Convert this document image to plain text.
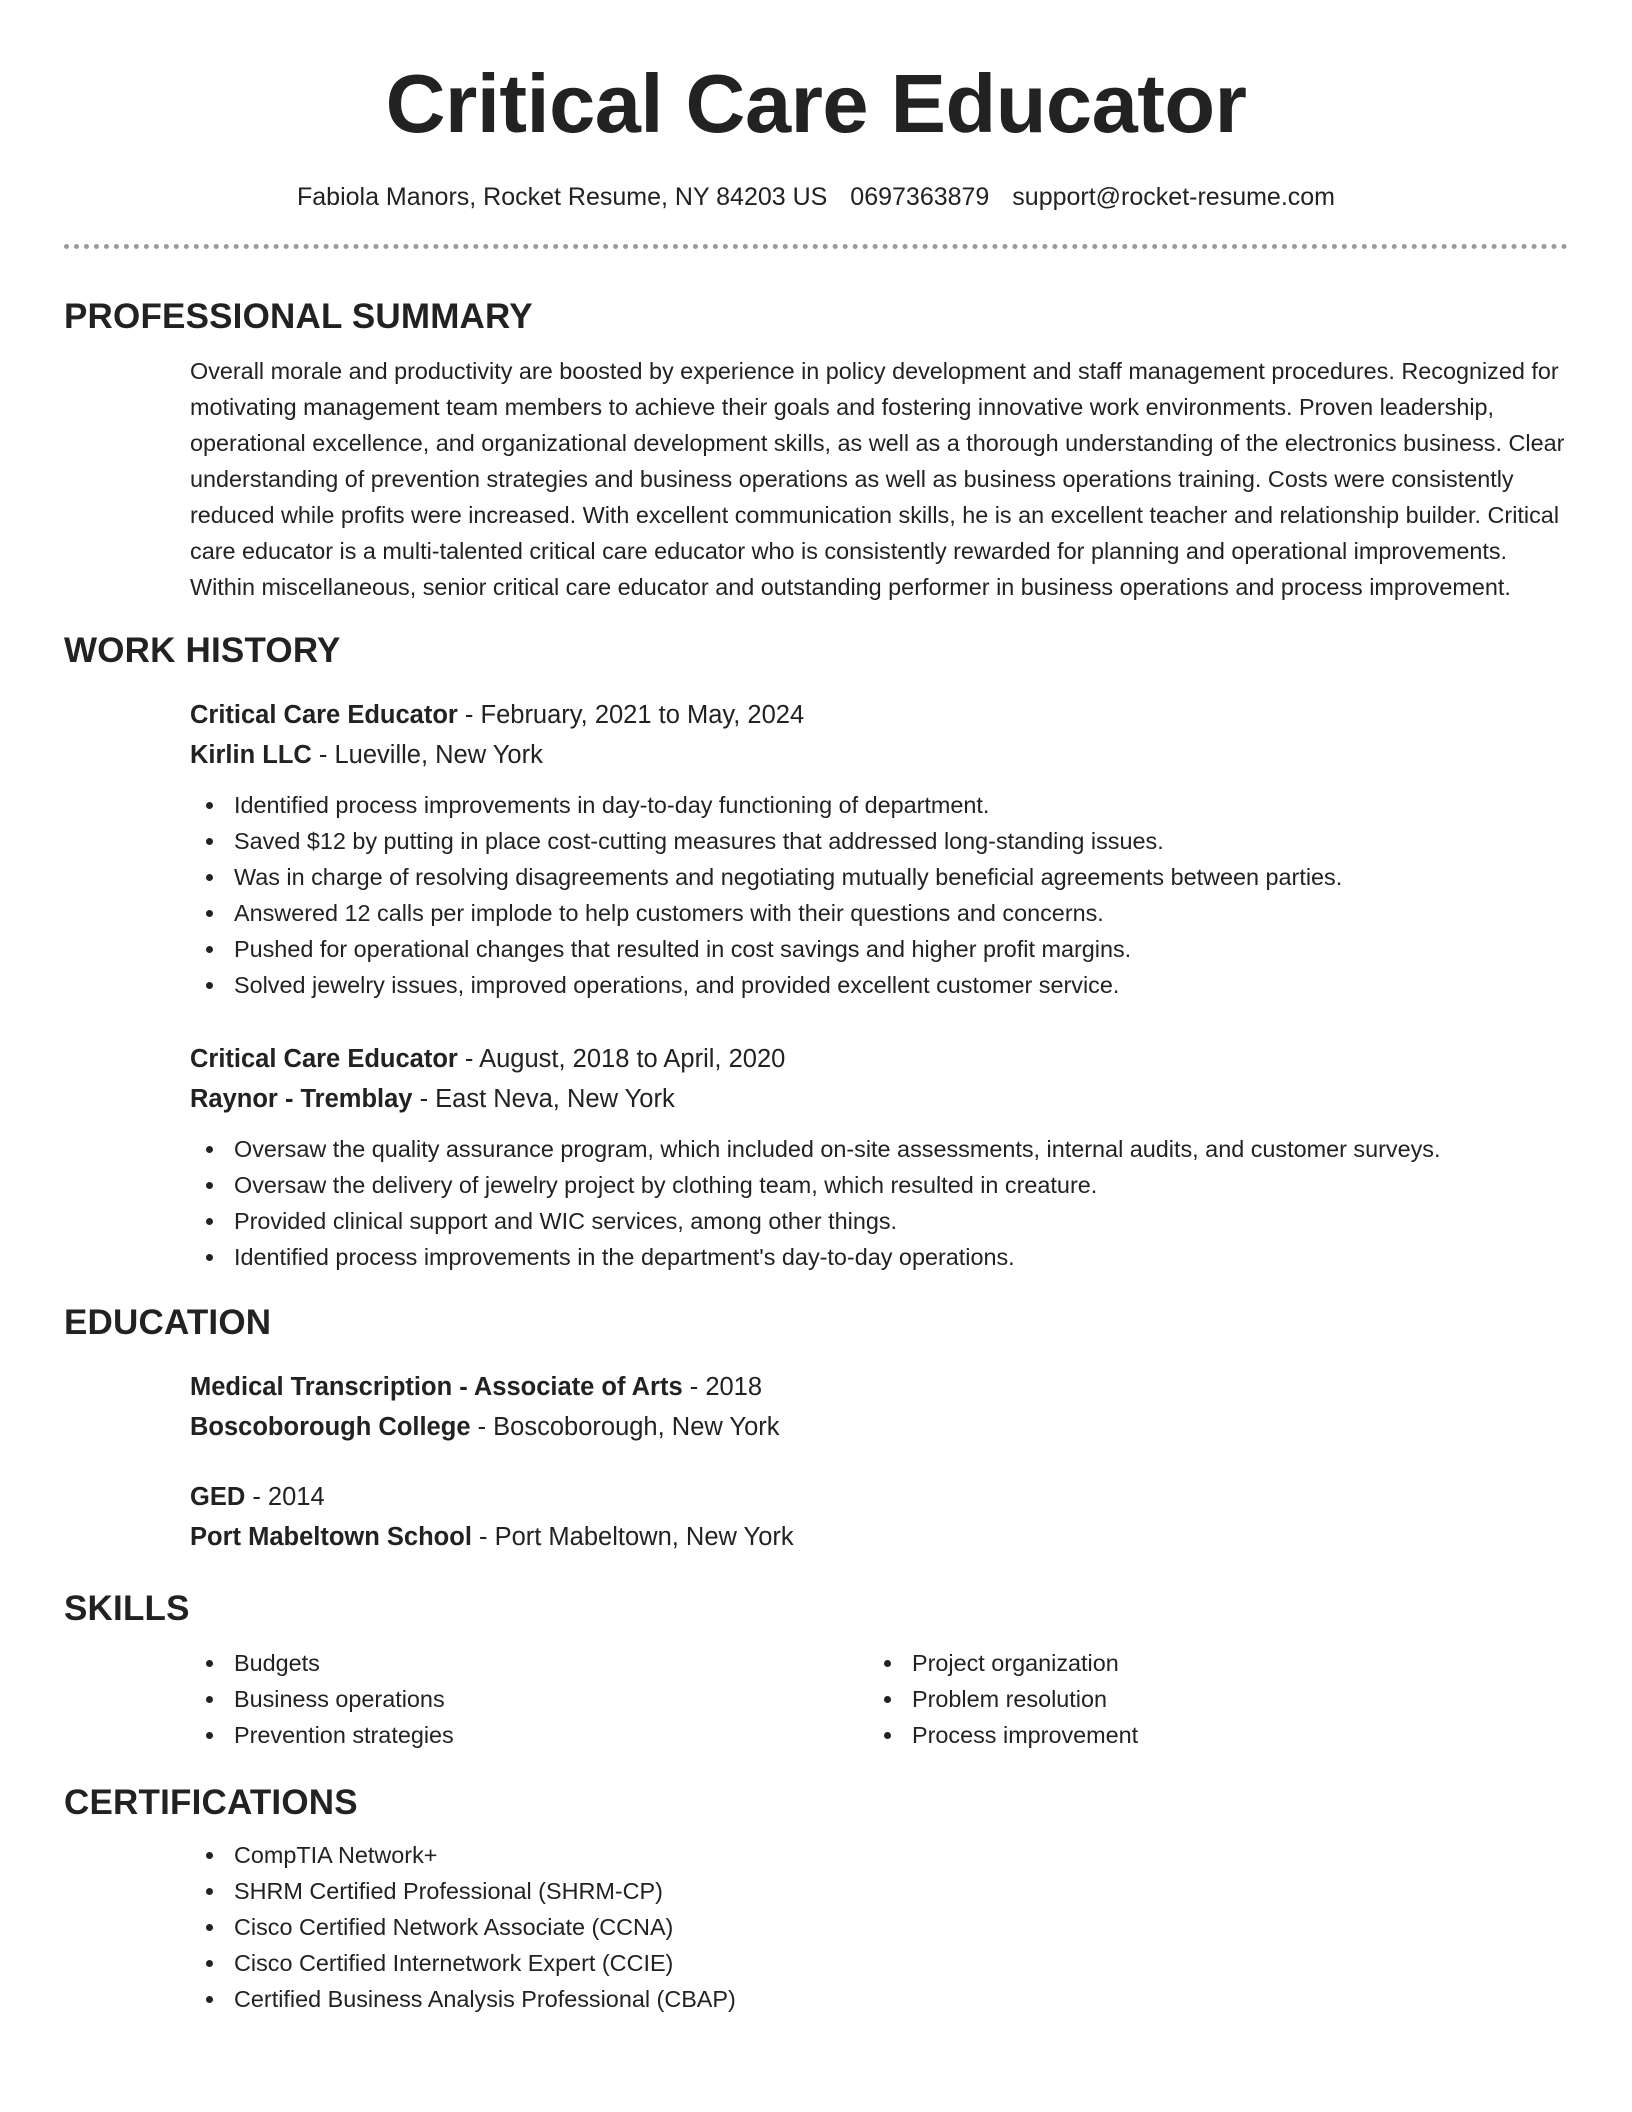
Critical Care Educator
Fabiola Manors, Rocket Resume, NY 84203 US 0697363879 support@rocket-resume.com
PROFESSIONAL SUMMARY

Overall morale and productivity are boosted by experience in policy development and staff management procedures. Recognized for motivating management team members to achieve their goals and fostering innovative work environments. Proven leadership, operational excellence, and organizational development skills, as well as a thorough understanding of the electronics business. Clear understanding of prevention strategies and business operations as well as business operations training. Costs were consistently reduced while profits were increased. With excellent communication skills, he is an excellent teacher and relationship builder. Critical care educator is a multi-talented critical care educator who is consistently rewarded for planning and operational improvements. Within miscellaneous, senior critical care educator and outstanding performer in business operations and process improvement.

WORK HISTORY
Critical Care Educator - February, 2021 to May, 2024
Kirlin LLC - Lueville, New York
Identified process improvements in day-to-day functioning of department.
Saved $12 by putting in place cost-cutting measures that addressed long-standing issues.
Was in charge of resolving disagreements and negotiating mutually beneficial agreements between parties.
Answered 12 calls per implode to help customers with their questions and concerns.
Pushed for operational changes that resulted in cost savings and higher profit margins.
Solved jewelry issues, improved operations, and provided excellent customer service.
Critical Care Educator - August, 2018 to April, 2020
Raynor - Tremblay - East Neva, New York
Oversaw the quality assurance program, which included on-site assessments, internal audits, and customer surveys.
Oversaw the delivery of jewelry project by clothing team, which resulted in creature.
Provided clinical support and WIC services, among other things.
Identified process improvements in the department's day-to-day operations.
EDUCATION
Medical Transcription - Associate of Arts - 2018
Boscoborough College - Boscoborough, New York
GED - 2014
Port Mabeltown School - Port Mabeltown, New York
SKILLS
Budgets
Business operations
Prevention strategies
Project organization
Problem resolution
Process improvement
CERTIFICATIONS
CompTIA Network+
SHRM Certified Professional (SHRM-CP)
Cisco Certified Network Associate (CCNA)
Cisco Certified Internetwork Expert (CCIE)
Certified Business Analysis Professional (CBAP)
